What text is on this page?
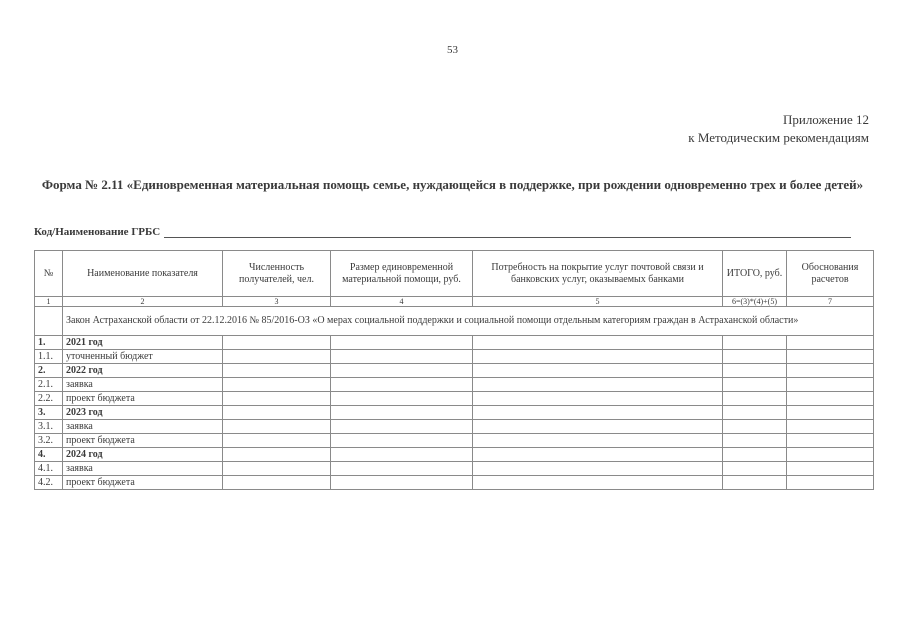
53
Приложение 12
к Методическим рекомендациям
Форма № 2.11 «Единовременная материальная помощь семье, нуждающейся в поддержке, при рождении одновременно трех и более детей»
Код/Наименование ГРБС
№	Наименование показателя	Численность получателей, чел.	Размер единовременной материальной помощи, руб.	Потребность на покрытие услуг почтовой связи и банковских услуг, оказываемых банками	ИТОГО, руб.	Обоснования расчетов
1	2	3	4	5	6=(3)*(4)+(5)	7
	Закон Астраханской области от 22.12.2016 № 85/2016-ОЗ «О мерах социальной поддержки и социальной помощи отдельным категориям граждан в Астраханской области»					
1.	2021 год					
1.1.	уточненный бюджет					
2.	2022 год					
2.1.	заявка					
2.2.	проект бюджета					
3.	2023 год					
3.1.	заявка					
3.2.	проект бюджета					
4.	2024 год					
4.1.	заявка					
4.2.	проект бюджета					
